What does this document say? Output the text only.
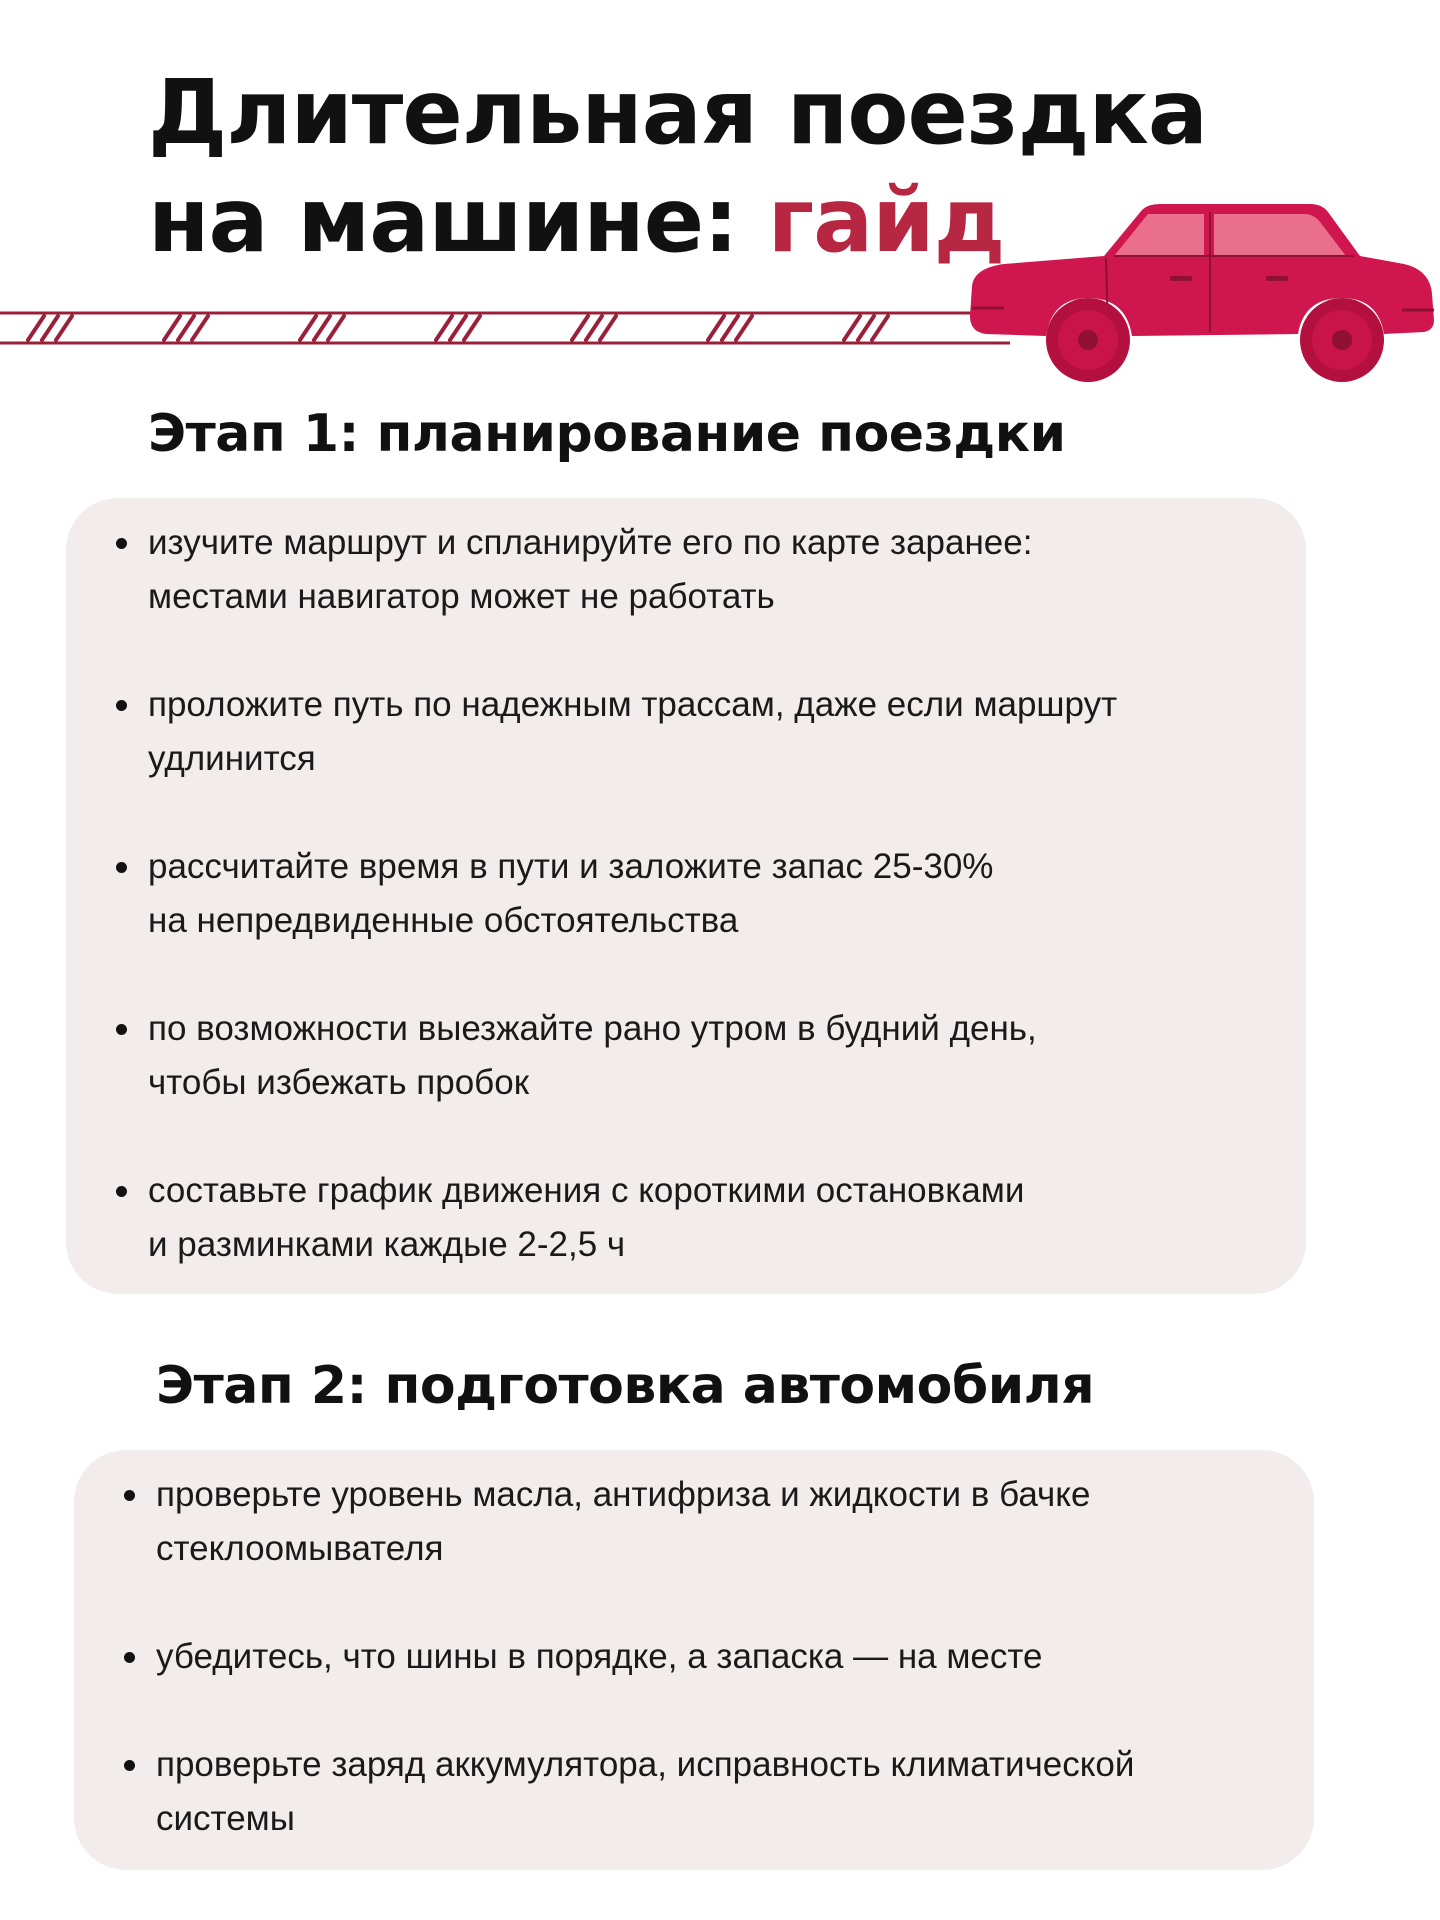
Длительная поездка
на машине: гайд
Этап 1: планирование поездки
изучите маршрут и спланируйте его по карте заранее:
местами навигатор может не работать
проложите путь по надежным трассам, даже если маршрут
удлинится
рассчитайте время в пути и заложите запас 25-30%
на непредвиденные обстоятельства
по возможности выезжайте рано утром в будний день,
чтобы избежать пробок
составьте график движения с короткими остановками
и разминками каждые 2-2,5 ч
Этап 2: подготовка автомобиля
проверьте уровень масла, антифриза и жидкости в бачке
стеклоомывателя
убедитесь, что шины в порядке, а запаска — на месте
проверьте заряд аккумулятора, исправность климатической
системы
